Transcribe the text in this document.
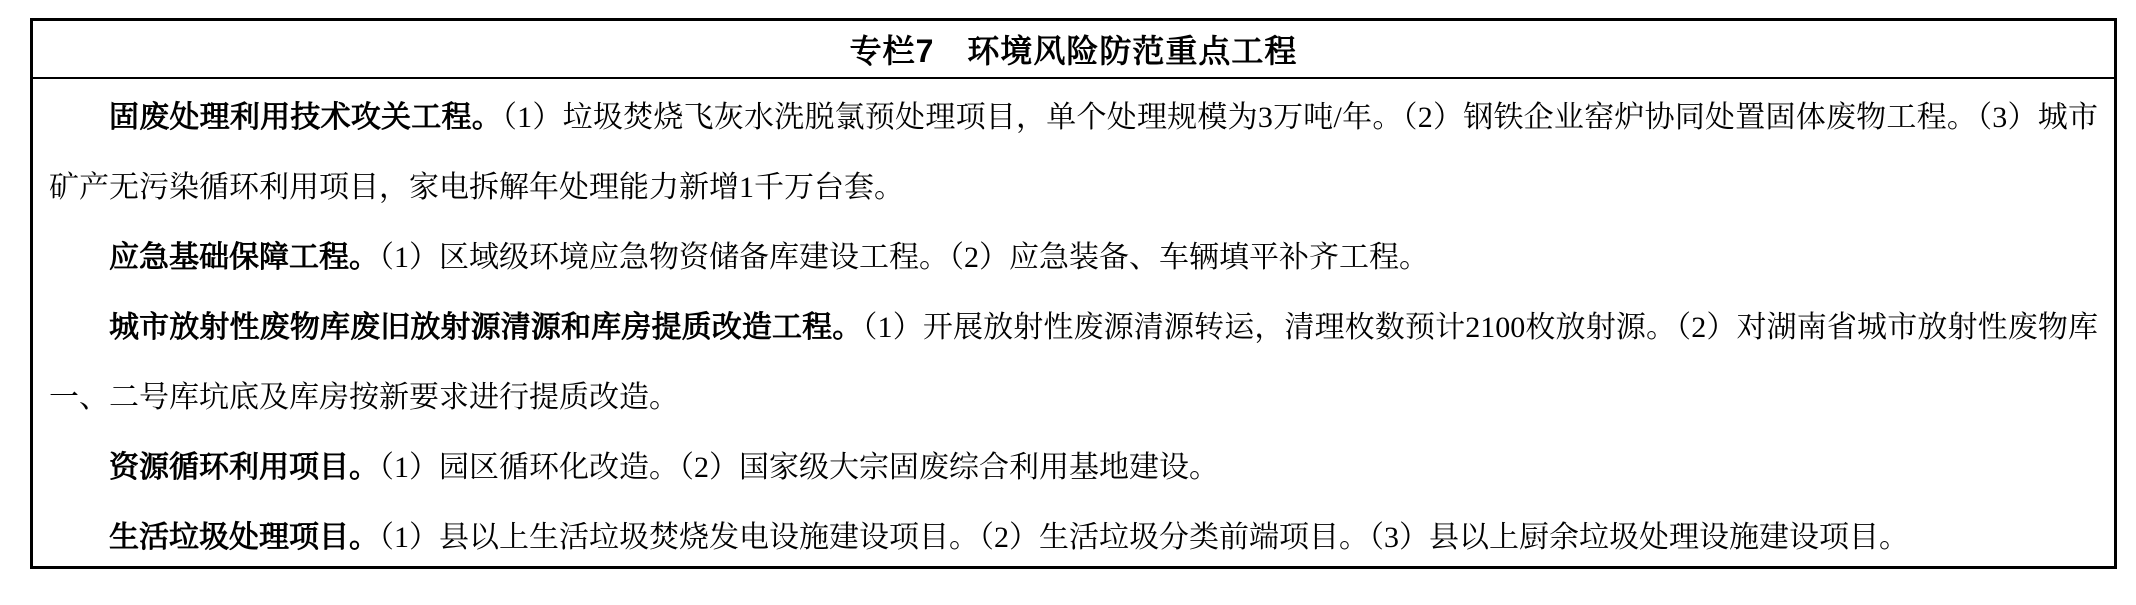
专栏7　环境风险防范重点工程

固废处理利用技术攻关工程。（1）垃圾焚烧飞灰水洗脱氯预处理项目，单个处理规模为3万吨/年。（2）钢铁企业窑炉协同处置固体废物工程。（3）城市矿产无污染循环利用项目，家电拆解年处理能力新增1千万台套。

应急基础保障工程。（1）区域级环境应急物资储备库建设工程。（2）应急装备、车辆填平补齐工程。

城市放射性废物库废旧放射源清源和库房提质改造工程。（1）开展放射性废源清源转运，清理枚数预计2100枚放射源。（2）对湖南省城市放射性废物库一、二号库坑底及库房按新要求进行提质改造。

资源循环利用项目。（1）园区循环化改造。（2）国家级大宗固废综合利用基地建设。

生活垃圾处理项目。（1）县以上生活垃圾焚烧发电设施建设项目。（2）生活垃圾分类前端项目。（3）县以上厨余垃圾处理设施建设项目。
